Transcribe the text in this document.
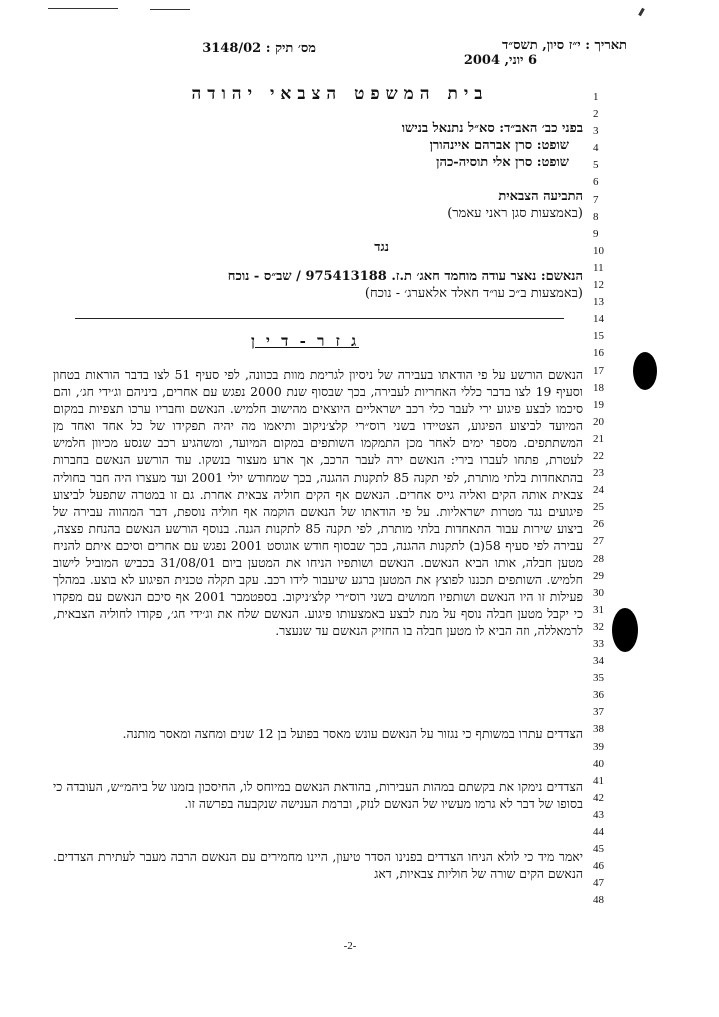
תאריך : י״ז סיון, תשס״ד
6 יוני, 2004
מס׳ תיק : 3148/02
בית המשפט הצבאי יהודה	1
2
3
4
5
6
7
8
9
10
11
12
13
14
15
16
17
18
19
20
21
22
23
24
25
26
27
28
29
30
31
32
33
34
35
36
37
38
39
40
41
42
43
44
45
46
47
48
בפני כב׳ האב״ד: סא״ל נתנאל בנישו
שופט: סרן אברהם איינהורן
שופט: סרן אלי תוסיה-כהן
התביעה הצבאית
(באמצעות סגן ראני עאמר)
נגד
הנאשם: נאצר עודה מוחמד חאג׳ ת.ז. 975413188 / שב״ס - נוכח
(באמצעות ב״כ עו״ד חאלד אלאערג׳ - נוכח)
ג ז ר - ד י ן
הנאשם הורשע על פי הודאתו בעבירה של ניסיון לגרימת מוות בכוונה, לפי סעיף 51 לצו בדבר הוראות בטחון וסעיף 19 לצו בדבר כללי האחריות לעבירה, בכך שבסוף שנת 2000 נפגש עם אחרים, ביניהם וג׳ידי חג׳, והם סיכמו לבצע פיגוע ירי לעבר כלי רכב ישראליים היוצאים מהישוב חלמיש. הנאשם וחבריו ערכו תצפיות במקום המיועד לביצוע הפיגוע, הצטיידו בשני רוס״רי קלצ׳ניקוב ותיאמו מה יהיה תפקידו של כל אחד ואחד מן המשתתפים. מספר ימים לאחר מכן התמקמו השותפים במקום המיועד, ומשהגיע רכב שנסע מכיוון חלמיש לעטרת, פתחו לעברו בירי: הנאשם ירה לעבר הרכב, אך ארע מעצור בנשקו. עוד הורשע הנאשם בחברות בהתאחדות בלתי מותרת, לפי תקנה 85 לתקנות ההגנה, בכך שמחודש יולי 2001 ועד מעצרו היה חבר בחוליה צבאית אותה הקים ואליה גייס אחרים. הנאשם אף הקים חוליה צבאית אחרת. גם זו במטרה שתפעל לביצוע פיגועים נגד מטרות ישראליות. על פי הודאתו של הנאשם הוקמה אף חוליה נוספת, דבר המהווה עבירה של ביצוע שירות עבור התאחדות בלתי מותרת, לפי תקנה 85 לתקנות הגנה. בנוסף הורשע הנאשם בהנחת פצצה, עבירה לפי סעיף 58(ב) לתקנות ההגנה, בכך שבסוף חודש אוגוסט 2001 נפגש עם אחרים וסיכם איתם להניח מטען חבלה, אותו הביא הנאשם. הנאשם ושותפיו הניחו את המטען ביום 31/08/01 בכביש המוביל לישוב חלמיש. השותפים תכננו לפוצץ את המטען ברגע שיעבור לידו רכב. עקב תקלה טכנית הפיגוע לא בוצע. במהלך פעילות זו היו הנאשם ושותפיו חמושים בשני רוס״רי קלצ׳ניקוב. בספטמבר 2001 אף סיכם הנאשם עם מפקדו כי יקבל מטען חבלה נוסף על מנת לבצע באמצעותו פיגוע. הנאשם שלח את וג׳ידי חג׳, פקודו לחוליה הצבאית, לרמאללה, וזה הביא לו מטען חבלה בו החזיק הנאשם עד שנעצר.
הצדדים עתרו במשותף כי נגזור על הנאשם עונש מאסר בפועל בן 12 שנים ומחצה ומאסר מותנה.
הצדדים נימקו את בקשתם במהות העבירות, בהודאת הנאשם במיוחס לו, החיסכון בזמנו של ביהמ״ש, העובדה כי בסופו של דבר לא גרמו מעשיו של הנאשם לנזק, וברמת הענישה שנקבעה בפרשה זו.
יאמר מיד כי לולא הניחו הצדדים בפנינו הסדר טיעון, היינו מחמירים עם הנאשם הרבה מעבר לעתירת הצדדים. הנאשם הקים שורה של חוליות צבאיות, דאג
-2-
